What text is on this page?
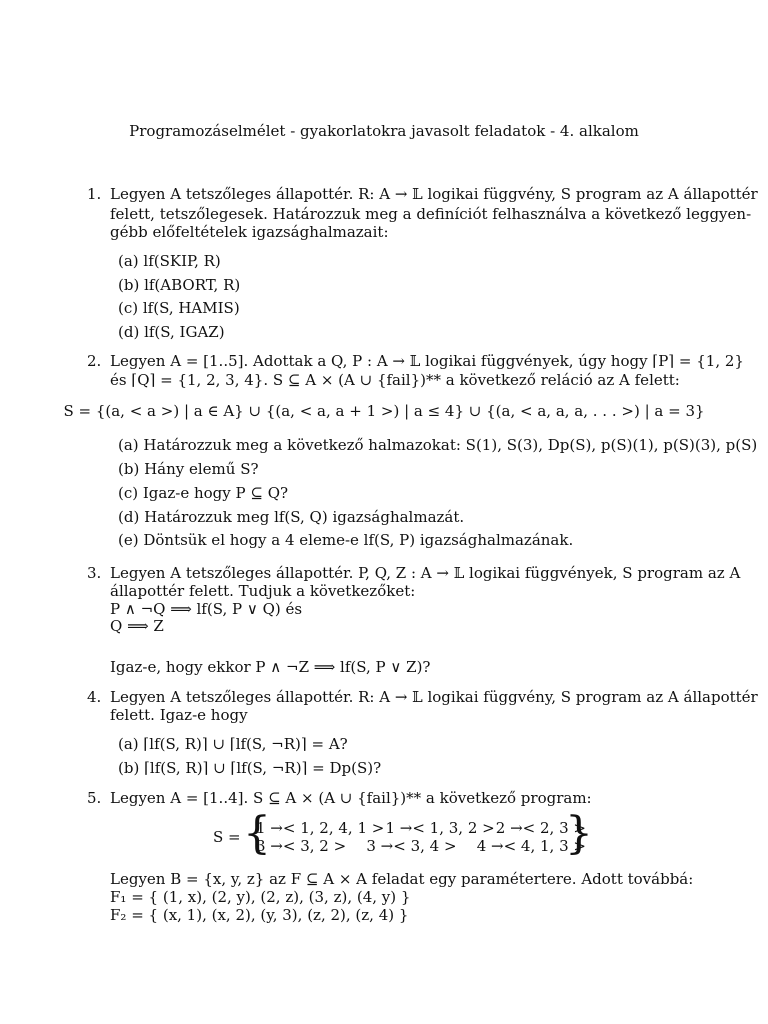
Programozáselmélet - gyakorlatokra javasolt feladatok - 4. alkalom
1. Legyen A tetszőleges állapottér. R: A → 𝕃 logikai függvény, S program az A állapottér
felett, tetszőlegesek. Határozzuk meg a definíciót felhasználva a következő leggyen-
gébb előfeltételek igazsághalmazait:
(a) lf(SKIP, R)
(b) lf(ABORT, R)
(c) lf(S, HAMIS)
(d) lf(S, IGAZ)
2. Legyen A = [1..5]. Adottak a Q, P : A → 𝕃 logikai függvények, úgy hogy ⌈P⌉ = {1, 2}
és ⌈Q⌉ = {1, 2, 3, 4}. S ⊆ A × (A ∪ {fail})** a következő reláció az A felett:
S = {(a, < a >) | a ∈ A} ∪ {(a, < a, a + 1 >) | a ≤ 4} ∪ {(a, < a, a, a, . . . >) | a = 3}
(a) Határozzuk meg a következő halmazokat: S(1), S(3), Dp(S), p(S)(1), p(S)(3), p(S)
(b) Hány elemű S?
(c) Igaz-e hogy P ⊆ Q?
(d) Határozzuk meg lf(S, Q) igazsághalmazát.
(e) Döntsük el hogy a 4 eleme-e lf(S, P) igazsághalmazának.
3. Legyen A tetszőleges állapottér. P, Q, Z : A → 𝕃 logikai függvények, S program az A
állapottér felett. Tudjuk a következőket:
P ∧ ¬Q ⟹ lf(S, P ∨ Q) és
Q ⟹ Z
Igaz-e, hogy ekkor P ∧ ¬Z ⟹ lf(S, P ∨ Z)?
4. Legyen A tetszőleges állapottér. R: A → 𝕃 logikai függvény, S program az A állapottér
felett. Igaz-e hogy
(a) ⌈lf(S, R)⌉ ∪ ⌈lf(S, ¬R)⌉ = A?
(b) ⌈lf(S, R)⌉ ∪ ⌈lf(S, ¬R)⌉ = Dp(S)?
5. Legyen A = [1..4]. S ⊆ A × (A ∪ {fail})** a következő program:
S = {
1 →< 1, 2, 4, 1 > 1 →< 1, 3, 2 > 2 →< 2, 3 >
3 →< 3, 2 > 3 →< 3, 4 > 4 →< 4, 1, 3 >
}
Legyen B = {x, y, z} az F ⊆ A × A feladat egy paramétertere. Adott továbbá:
F₁ = { (1, x), (2, y), (2, z), (3, z), (4, y) }
F₂ = { (x, 1), (x, 2), (y, 3), (z, 2), (z, 4) }
